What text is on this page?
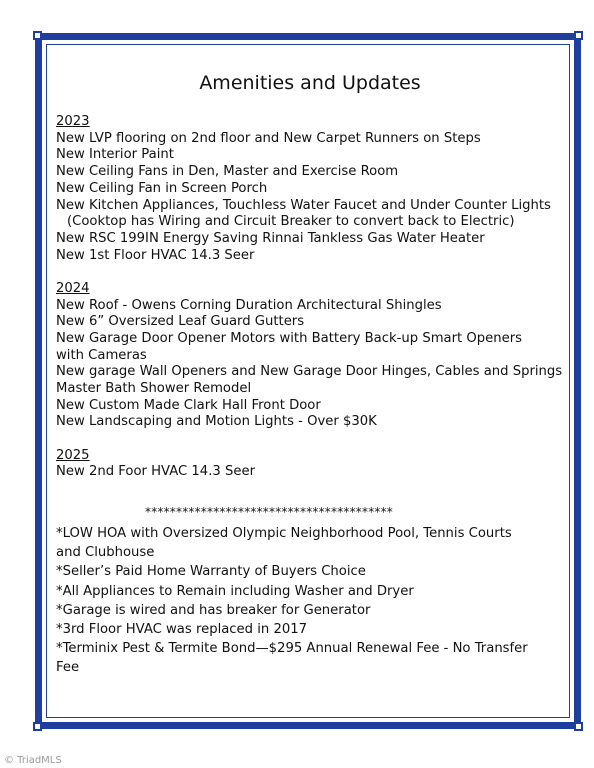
Amenities and Updates
2023
New LVP flooring on 2nd floor and New Carpet Runners on Steps
New Interior Paint
New Ceiling Fans in Den, Master and Exercise Room
New Ceiling Fan in Screen Porch
New Kitchen Appliances, Touchless Water Faucet and Under Counter Lights
(Cooktop has Wiring and Circuit Breaker to convert back to Electric)
New RSC 199IN Energy Saving Rinnai Tankless Gas Water Heater
New 1st Floor HVAC 14.3 Seer
2024
New Roof - Owens Corning Duration Architectural Shingles
New 6” Oversized Leaf Guard Gutters
New Garage Door Opener Motors with Battery Back-up Smart Openers with Cameras
New garage Wall Openers and New Garage Door Hinges, Cables and Springs
Master Bath Shower Remodel
New Custom Made Clark Hall Front Door
New Landscaping and Motion Lights - Over $30K
2025
New 2nd Foor HVAC 14.3 Seer
****************************************
*LOW HOA with Oversized Olympic Neighborhood Pool, Tennis Courts and Clubhouse
*Seller’s Paid Home Warranty of Buyers Choice
*All Appliances to Remain including Washer and Dryer
*Garage is wired and has breaker for Generator
*3rd Floor HVAC was replaced in 2017
*Terminix Pest & Termite Bond—$295 Annual Renewal Fee - No Transfer Fee
© TriadMLS
